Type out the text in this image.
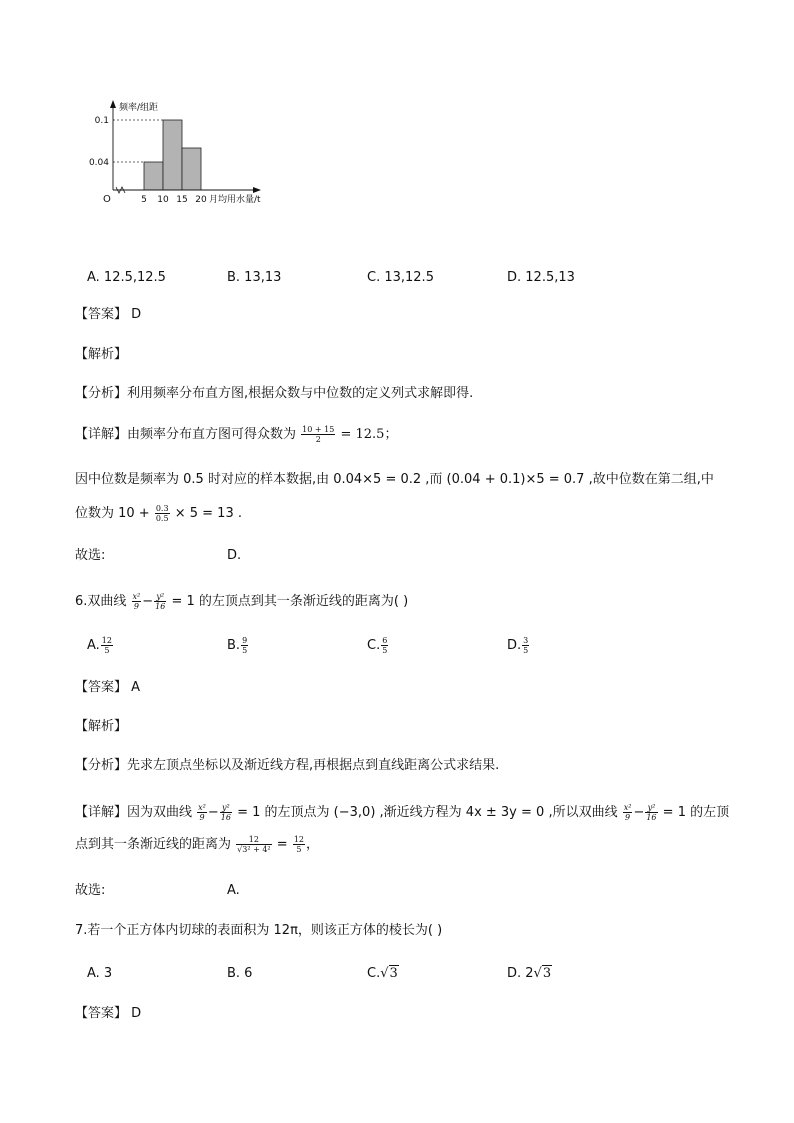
频率/组距
0.1
0.04
5 10 15 20
O	月均用水量/t
A. 12.5,12.5	B. 13,13	C. 13,12.5	D. 12.5,13
【答案】 D
【解析】
【分析】利用频率分布直方图,根据众数与中位数的定义列式求解即得.
【详解】由频率分布直方图可得众数为 $\frac{10 + 15}{2} = 12.5$；
因中位数是频率为 0.5 时对应的样本数据,由 0.04×5 = 0.2 ,而 (0.04 + 0.1)×5 = 0.7 ,故中位数在第二组,中
位数为 $10 + \frac{0.3}{0.5} \times 5 = 13$ .
故选:	D.
6.双曲线 $\frac{\text{x²}}{9} - \frac{\text{y²}}{16} = 1$ 的左顶点到其一条渐近线的距离为( )
A. $\frac{12}{5}$	B. $\frac{9}{5}$	C. $\frac{6}{5}$	D. $\frac{3}{5}$
【答案】 A
【解析】
【分析】先求左顶点坐标以及渐近线方程,再根据点到直线距离公式求结果.
【详解】因为双曲线 $\frac{\text{x²}}{9} - \frac{\text{y²}}{16} = 1$ 的左顶点为 (−3,0) ,渐近线方程为 4x ± 3y = 0 ,所以双曲线 $\frac{\text{x²}}{9} - \frac{\text{y²}}{16} = 1$ 的左顶
点到其一条渐近线的距离为 $\frac{12}{\text{√3² + 4²}} = \frac{12}{5}$ ，
故选:	A.
7.若一个正方体内切球的表面积为 12π，则该正方体的棱长为( )
A. 3	B. 6	C.√3	D. 2√3
【答案】 D
